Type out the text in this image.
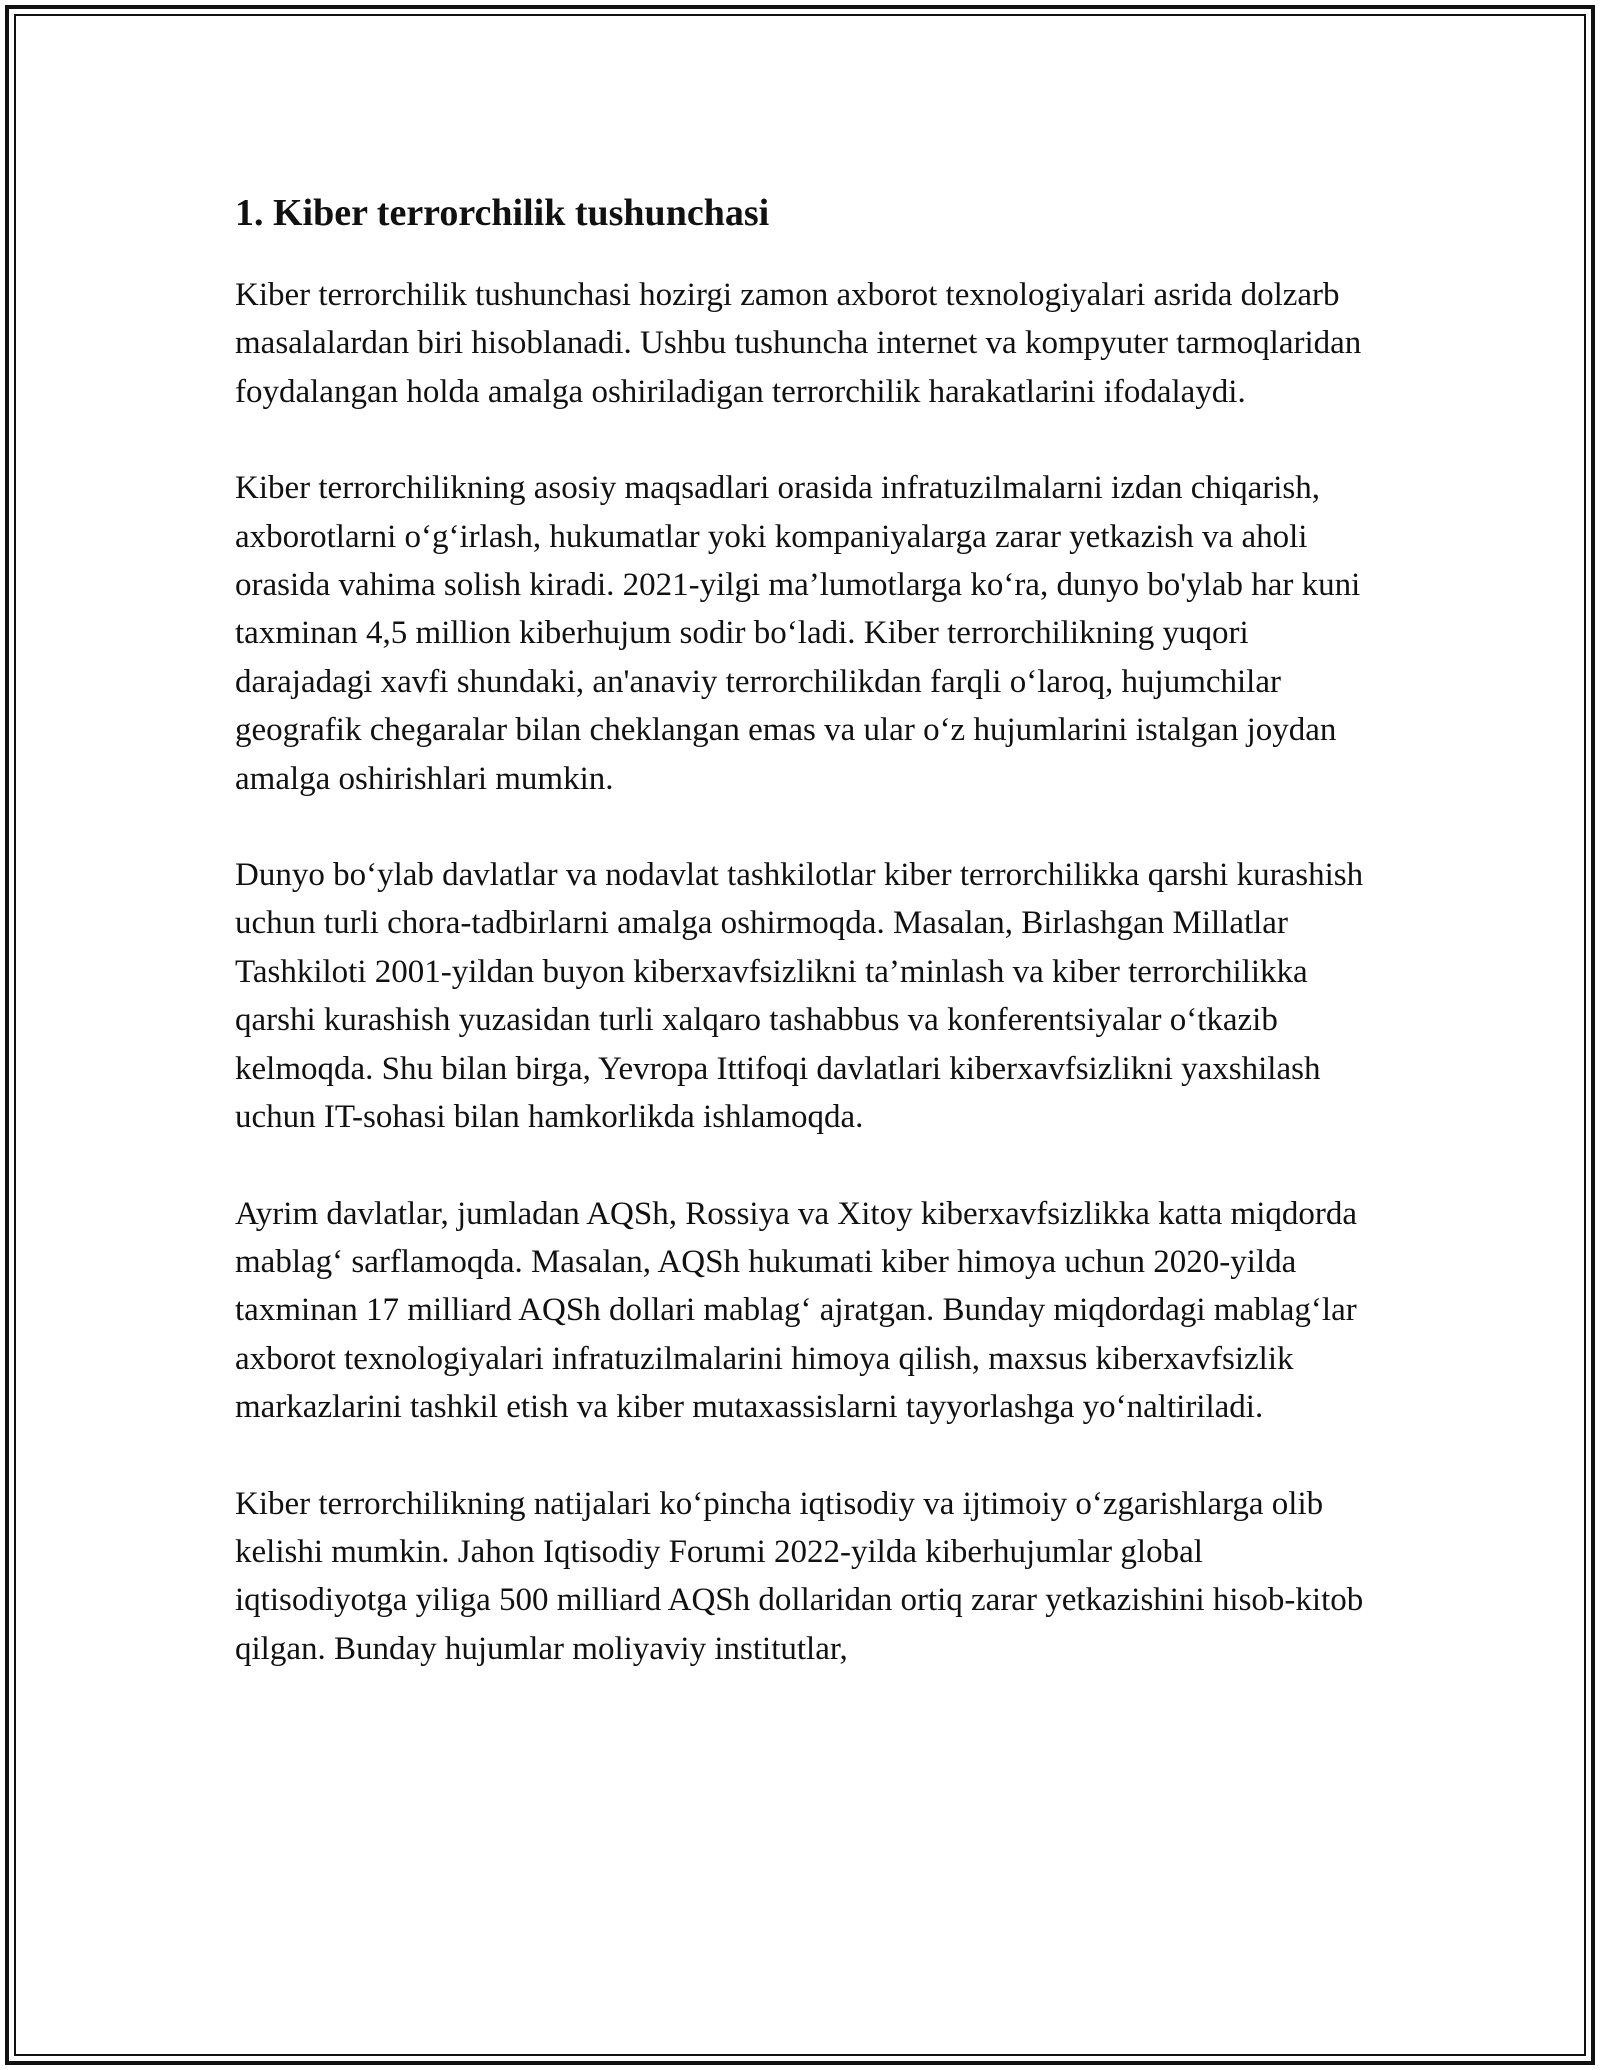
1. Kiber terrorchilik tushunchasi

Kiber terrorchilik tushunchasi hozirgi zamon axborot texnologiyalari asrida dolzarb masalalardan biri hisoblanadi. Ushbu tushuncha internet va kompyuter tarmoqlaridan foydalangan holda amalga oshiriladigan terrorchilik harakatlarini ifodalaydi.

Kiber terrorchilikning asosiy maqsadlari orasida infratuzilmalarni izdan chiqarish, axborotlarni o‘g‘irlash, hukumatlar yoki kompaniyalarga zarar yetkazish va aholi orasida vahima solish kiradi. 2021-yilgi ma’lumotlarga ko‘ra, dunyo bo'ylab har kuni taxminan 4,5 million kiberhujum sodir bo‘ladi. Kiber terrorchilikning yuqori darajadagi xavfi shundaki, an'anaviy terrorchilikdan farqli o‘laroq, hujumchilar geografik chegaralar bilan cheklangan emas va ular o‘z hujumlarini istalgan joydan amalga oshirishlari mumkin.

Dunyo bo‘ylab davlatlar va nodavlat tashkilotlar kiber terrorchilikka qarshi kurashish uchun turli chora-tadbirlarni amalga oshirmoqda. Masalan, Birlashgan Millatlar Tashkiloti 2001-yildan buyon kiberxavfsizlikni ta’minlash va kiber terrorchilikka qarshi kurashish yuzasidan turli xalqaro tashabbus va konferentsiyalar o‘tkazib kelmoqda. Shu bilan birga, Yevropa Ittifoqi davlatlari kiberxavfsizlikni yaxshilash uchun IT-sohasi bilan hamkorlikda ishlamoqda.

Ayrim davlatlar, jumladan AQSh, Rossiya va Xitoy kiberxavfsizlikka katta miqdorda mablag‘ sarflamoqda. Masalan, AQSh hukumati kiber himoya uchun 2020-yilda taxminan 17 milliard AQSh dollari mablag‘ ajratgan. Bunday miqdordagi mablag‘lar axborot texnologiyalari infratuzilmalarini himoya qilish, maxsus kiberxavfsizlik markazlarini tashkil etish va kiber mutaxassislarni tayyorlashga yo‘naltiriladi.

Kiber terrorchilikning natijalari ko‘pincha iqtisodiy va ijtimoiy o‘zgarishlarga olib kelishi mumkin. Jahon Iqtisodiy Forumi 2022-yilda kiberhujumlar global iqtisodiyotga yiliga 500 milliard AQSh dollaridan ortiq zarar yetkazishini hisob-kitob qilgan. Bunday hujumlar moliyaviy institutlar,
